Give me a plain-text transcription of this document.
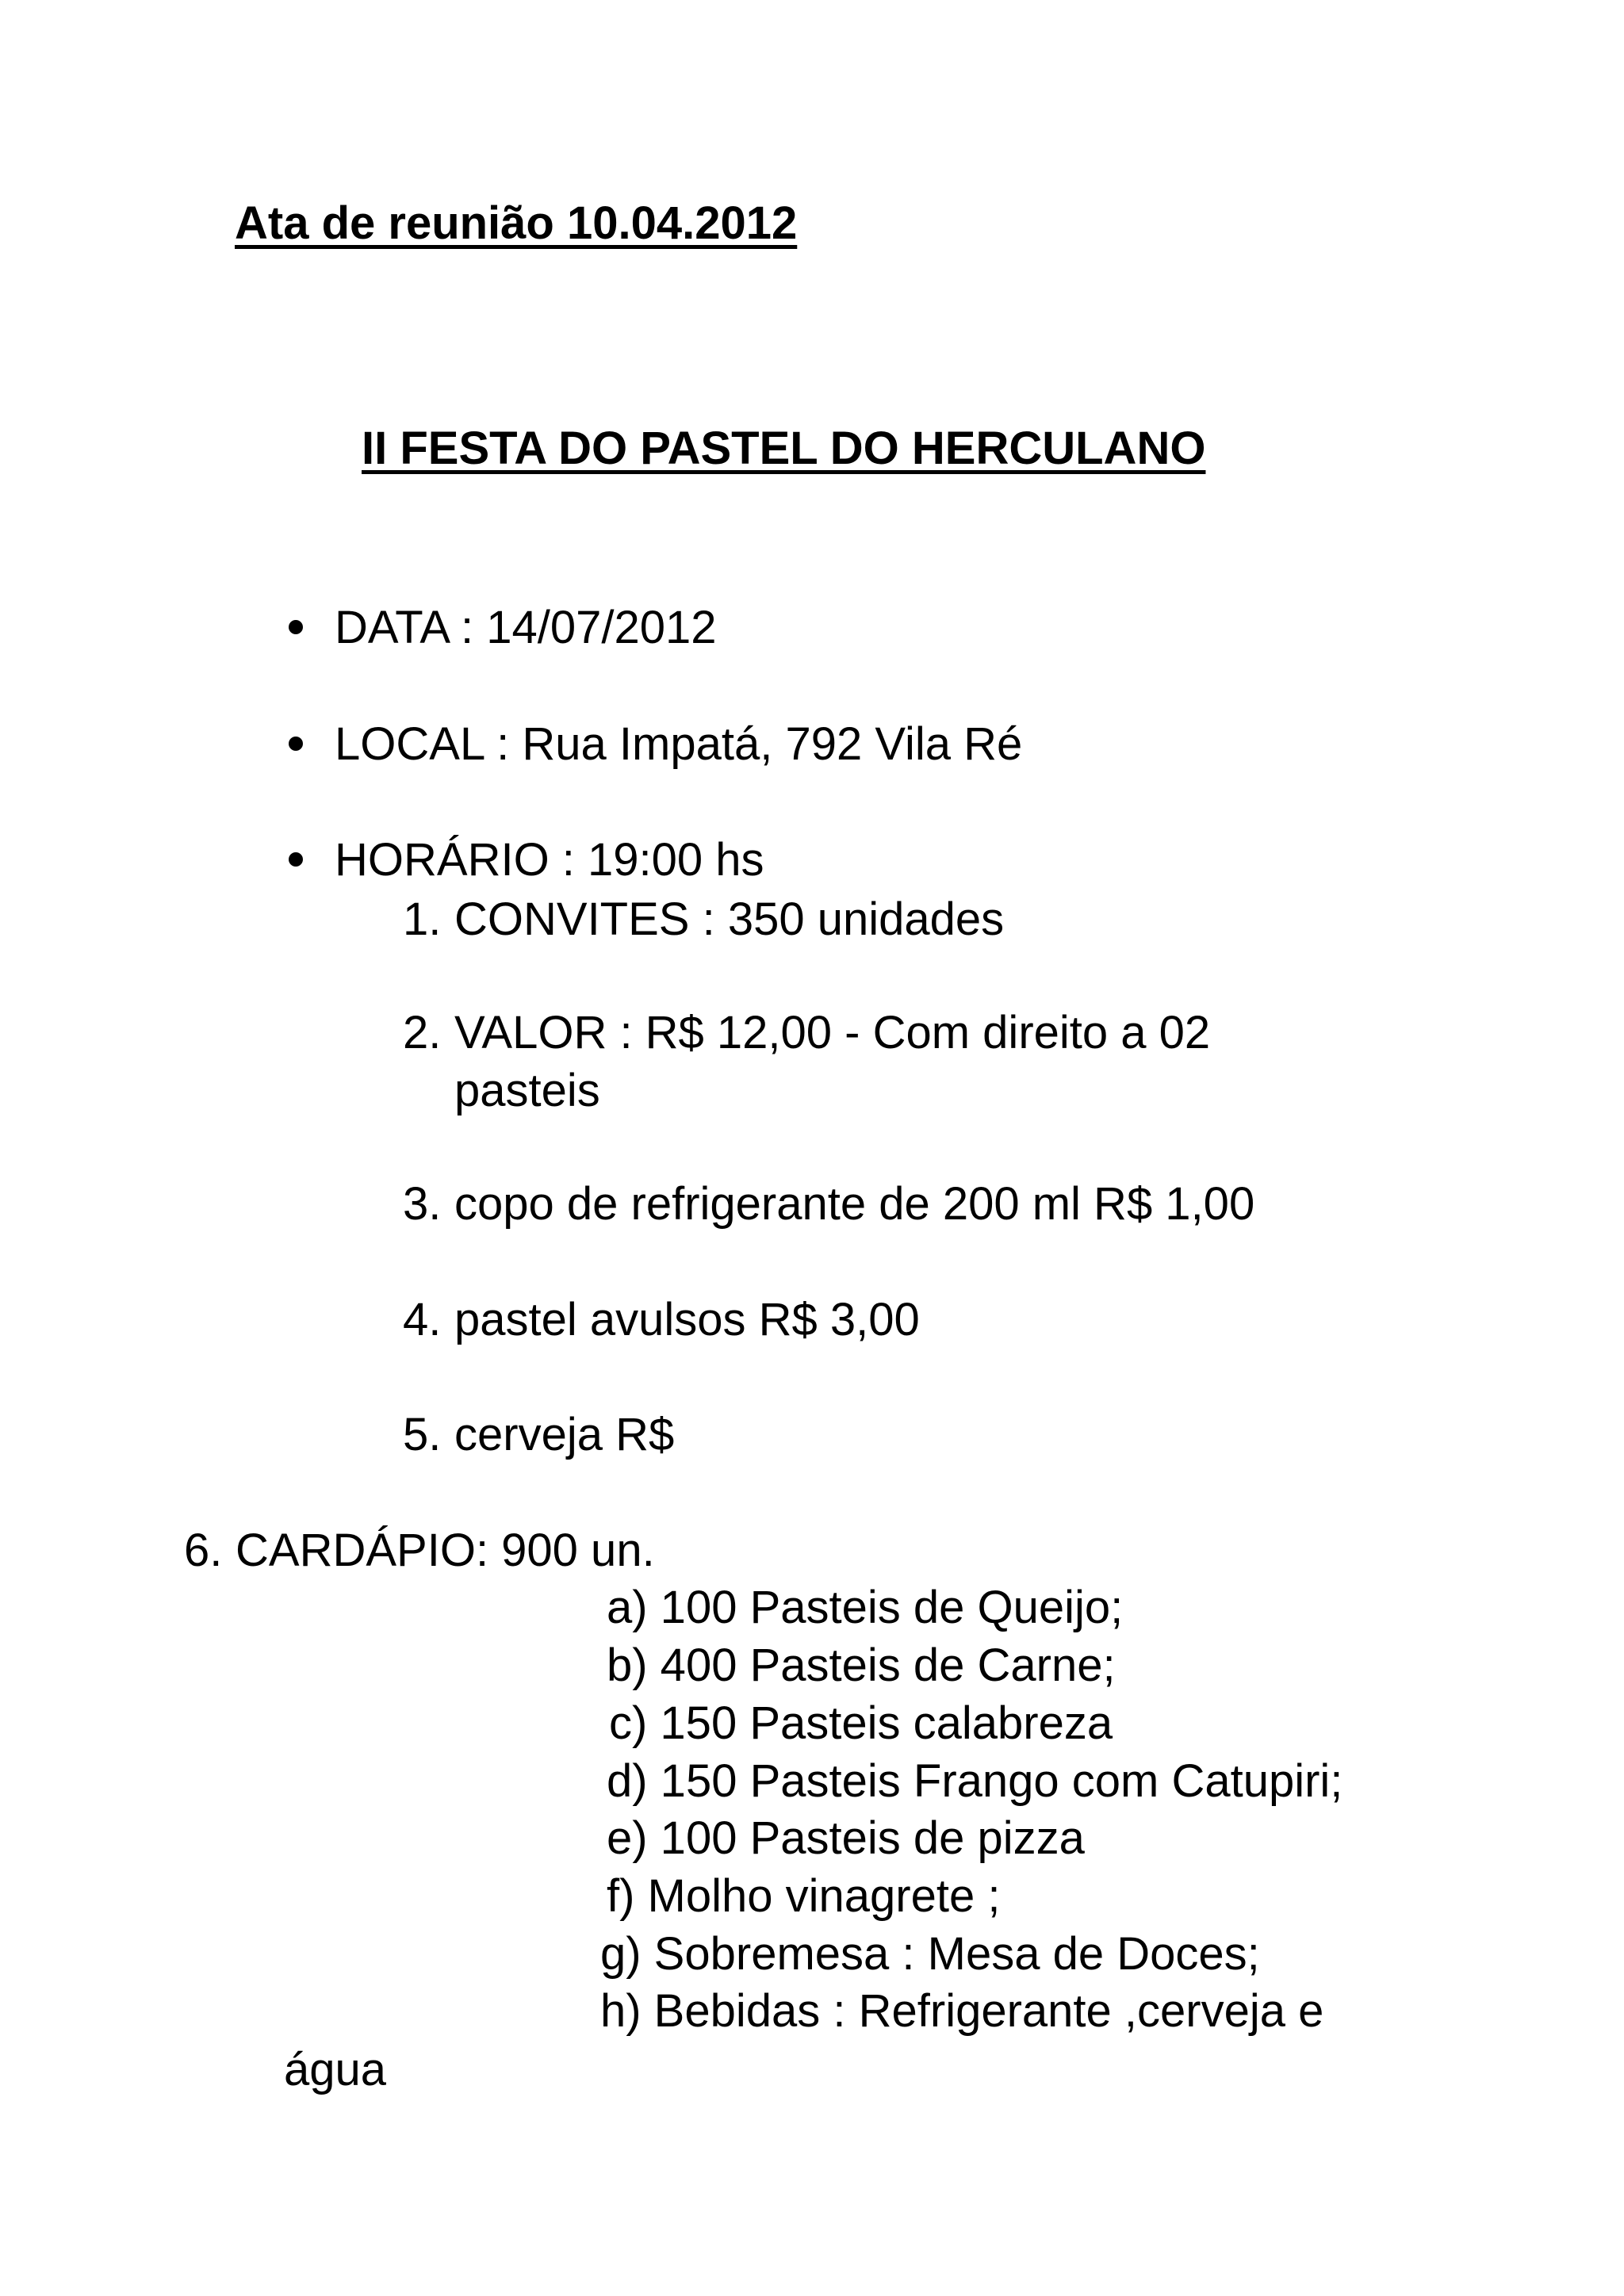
Ata de reunião 10.04.2012
II FESTA DO PASTEL DO HERCULANO
DATA : 14/07/2012
LOCAL : Rua Impatá, 792 Vila Ré
HORÁRIO : 19:00 hs
1. CONVITES : 350 unidades
2. VALOR : R$ 12,00 - Com direito a 02
pasteis
3. copo de refrigerante de 200 ml R$ 1,00
4. pastel avulsos R$ 3,00
5. cerveja R$
6. CARDÁPIO: 900 un.
a) 100 Pasteis de Queijo;
b) 400 Pasteis de Carne;
c) 150 Pasteis calabreza
d) 150 Pasteis Frango com Catupiri;
e) 100 Pasteis de pizza
f) Molho vinagrete ;
g) Sobremesa : Mesa de Doces;
h) Bebidas : Refrigerante ,cerveja e
água
